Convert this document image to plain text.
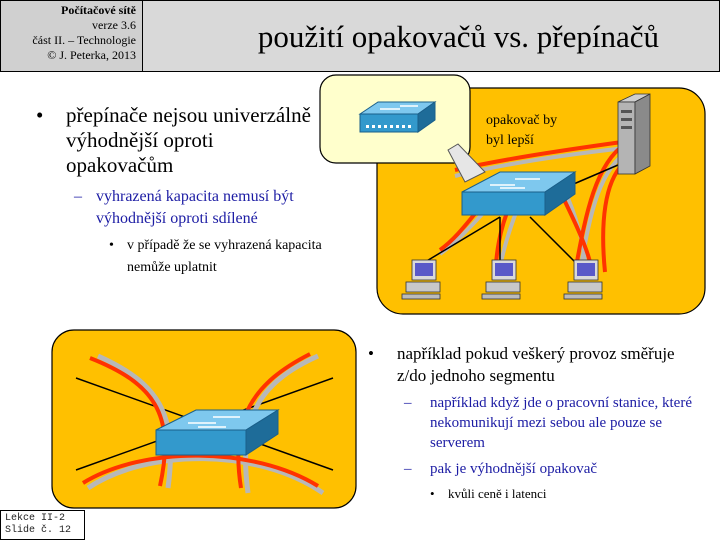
Počítačové sítě
verze 3.6
část II. – Technologie
© J. Peterka, 2013
použití opakovačů vs. přepínačů
•	přepínače nejsou univerzálně výhodnější oproti opakovačům
– vyhrazená kapacita nemusí být výhodnější oproti sdílené
• v případě že se vyhrazená kapacita nemůže uplatnit
opakovač by
byl lepší
•	například pokud veškerý provoz směřuje z/do jednoho segmentu
–	například když jde o pracovní stanice, které nekomunikují mezi sebou ale pouze se serverem
–	pak je výhodnější opakovač
•	kvůli ceně i latenci
Lekce II-2
Slide č. 12
